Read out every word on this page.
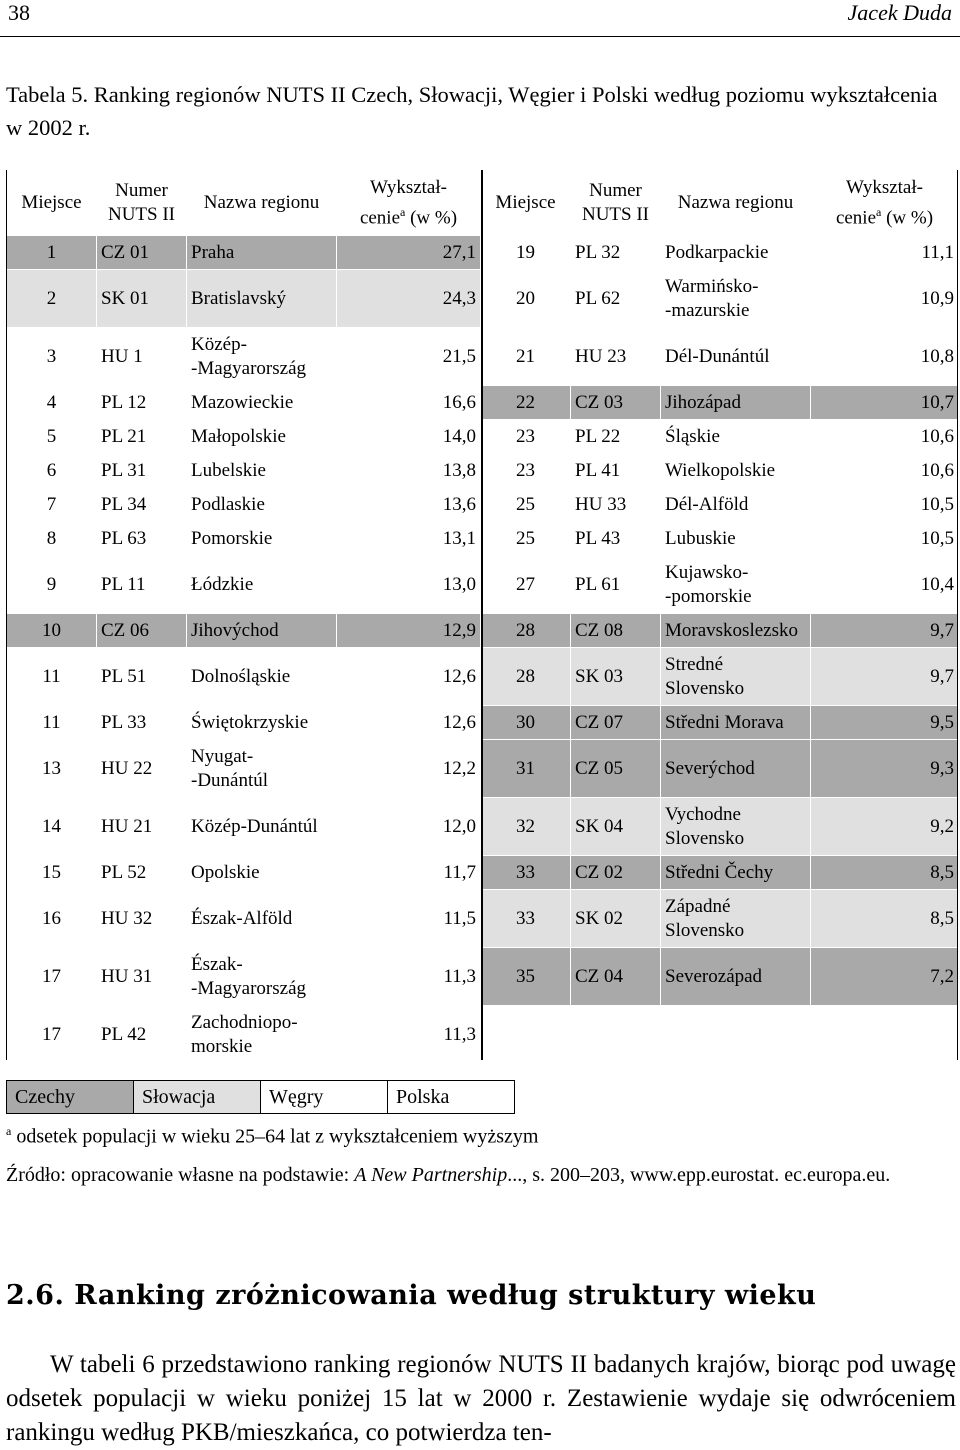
38	Jacek Duda
Tabela 5. Ranking regionów NUTS II Czech, Słowacji, Węgier i Polski według poziomu wykształcenia w 2002 r.
Miejsce	Numer
NUTS II	Nazwa regionu	Wykształ-
cenie$^a$ (w %)	Miejsce	Numer
NUTS II	Nazwa regionu	Wykształ-
cenie$^a$ (w %)
1	CZ 01	Praha	27,1	19	PL 32	Podkarpackie	11,1
2	SK 01	Bratislavský	24,3	20	PL 62	Warmińsko-
-mazurskie	10,9
3	HU 1	Közép-
-Magyarország	21,5	21	HU 23	Dél-Dunántúl	10,8
4	PL 12	Mazowieckie	16,6	22	CZ 03	Jihozápad	10,7
5	PL 21	Małopolskie	14,0	23	PL 22	Śląskie	10,6
6	PL 31	Lubelskie	13,8	23	PL 41	Wielkopolskie	10,6
7	PL 34	Podlaskie	13,6	25	HU 33	Dél-Alföld	10,5
8	PL 63	Pomorskie	13,1	25	PL 43	Lubuskie	10,5
9	PL 11	Łódzkie	13,0	27	PL 61	Kujawsko-
-pomorskie	10,4
10	CZ 06	Jihovýchod	12,9	28	CZ 08	Moravskoslezsko	9,7
11	PL 51	Dolnośląskie	12,6	28	SK 03	Stredné
Slovensko	9,7
11	PL 33	Świętokrzyskie	12,6	30	CZ 07	Středni Morava	9,5
13	HU 22	Nyugat-
-Dunántúl	12,2	31	CZ 05	Severýchod	9,3
14	HU 21	Közép-Dunántúl	12,0	32	SK 04	Vychodne
Slovensko	9,2
15	PL 52	Opolskie	11,7	33	CZ 02	Středni Čechy	8,5
16	HU 32	Észak-Alföld	11,5	33	SK 02	Západné
Slovensko	8,5
17	HU 31	Észak-
-Magyarország	11,3	35	CZ 04	Severozápad	7,2
17	PL 42	Zachodniopo-
morskie	11,3				
Czechy	Słowacja	Węgry	Polska
$^a$ odsetek populacji w wieku 25–64 lat z wykształceniem wyższym
Źródło: opracowanie własne na podstawie: A New Partnership..., s. 200–203, www.epp.eurostat. ec.europa.eu.
2.6. Ranking zróżnicowania według struktury wieku
W tabeli 6 przedstawiono ranking regionów NUTS II badanych krajów, biorąc pod uwagę odsetek populacji w wieku poniżej 15 lat w 2000 r. Zestawienie wydaje się odwróceniem rankingu według PKB/mieszkańca, co potwierdza ten-
